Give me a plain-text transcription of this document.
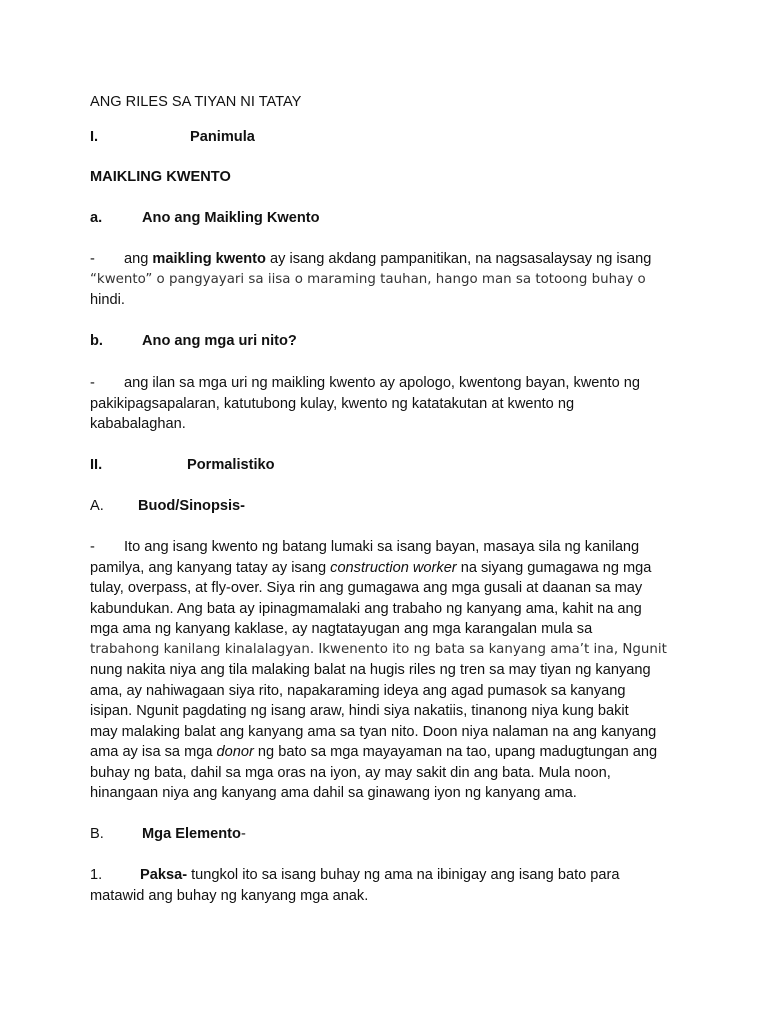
ANG RILES SA TIYAN NI TATAY
I.	Panimula
MAIKLING KWENTO
a.	Ano ang Maikling Kwento
- ang maikling kwento ay isang akdang pampanitikan, na nagsasalaysay ng isang
“kwento” o pangyayari sa iisa o maraming tauhan, hango man sa totoong buhay o
hindi.
b.	Ano ang mga uri nito?
- ang ilan sa mga uri ng maikling kwento ay apologo, kwentong bayan, kwento ng
pakikipagsapalaran, katutubong kulay, kwento ng katatakutan at kwento ng
kababalaghan.
II.	Pormalistiko
A. Buod/Sinopsis-
- Ito ang isang kwento ng batang lumaki sa isang bayan, masaya sila ng kanilang
pamilya, ang kanyang tatay ay isang construction worker na siyang gumagawa ng mga
tulay, overpass, at fly-over. Siya rin ang gumagawa ang mga gusali at daanan sa may
kabundukan. Ang bata ay ipinagmamalaki ang trabaho ng kanyang ama, kahit na ang
mga ama ng kanyang kaklase, ay nagtatayugan ang mga karangalan mula sa
trabahong kanilang kinalalagyan. Ikwenento ito ng bata sa kanyang ama’t ina, Ngunit
nung nakita niya ang tila malaking balat na hugis riles ng tren sa may tiyan ng kanyang
ama, ay nahiwagaan siya rito, napakaraming ideya ang agad pumasok sa kanyang
isipan. Ngunit pagdating ng isang araw, hindi siya nakatiis, tinanong niya kung bakit
may malaking balat ang kanyang ama sa tyan nito. Doon niya nalaman na ang kanyang
ama ay isa sa mga donor ng bato sa mga mayayaman na tao, upang madugtungan ang
buhay ng bata, dahil sa mga oras na iyon, ay may sakit din ang bata. Mula noon,
hinangaan niya ang kanyang ama dahil sa ginawang iyon ng kanyang ama.
B.	Mga Elemento-
1.	Paksa- tungkol ito sa isang buhay ng ama na ibinigay ang isang bato para
matawid ang buhay ng kanyang mga anak.
